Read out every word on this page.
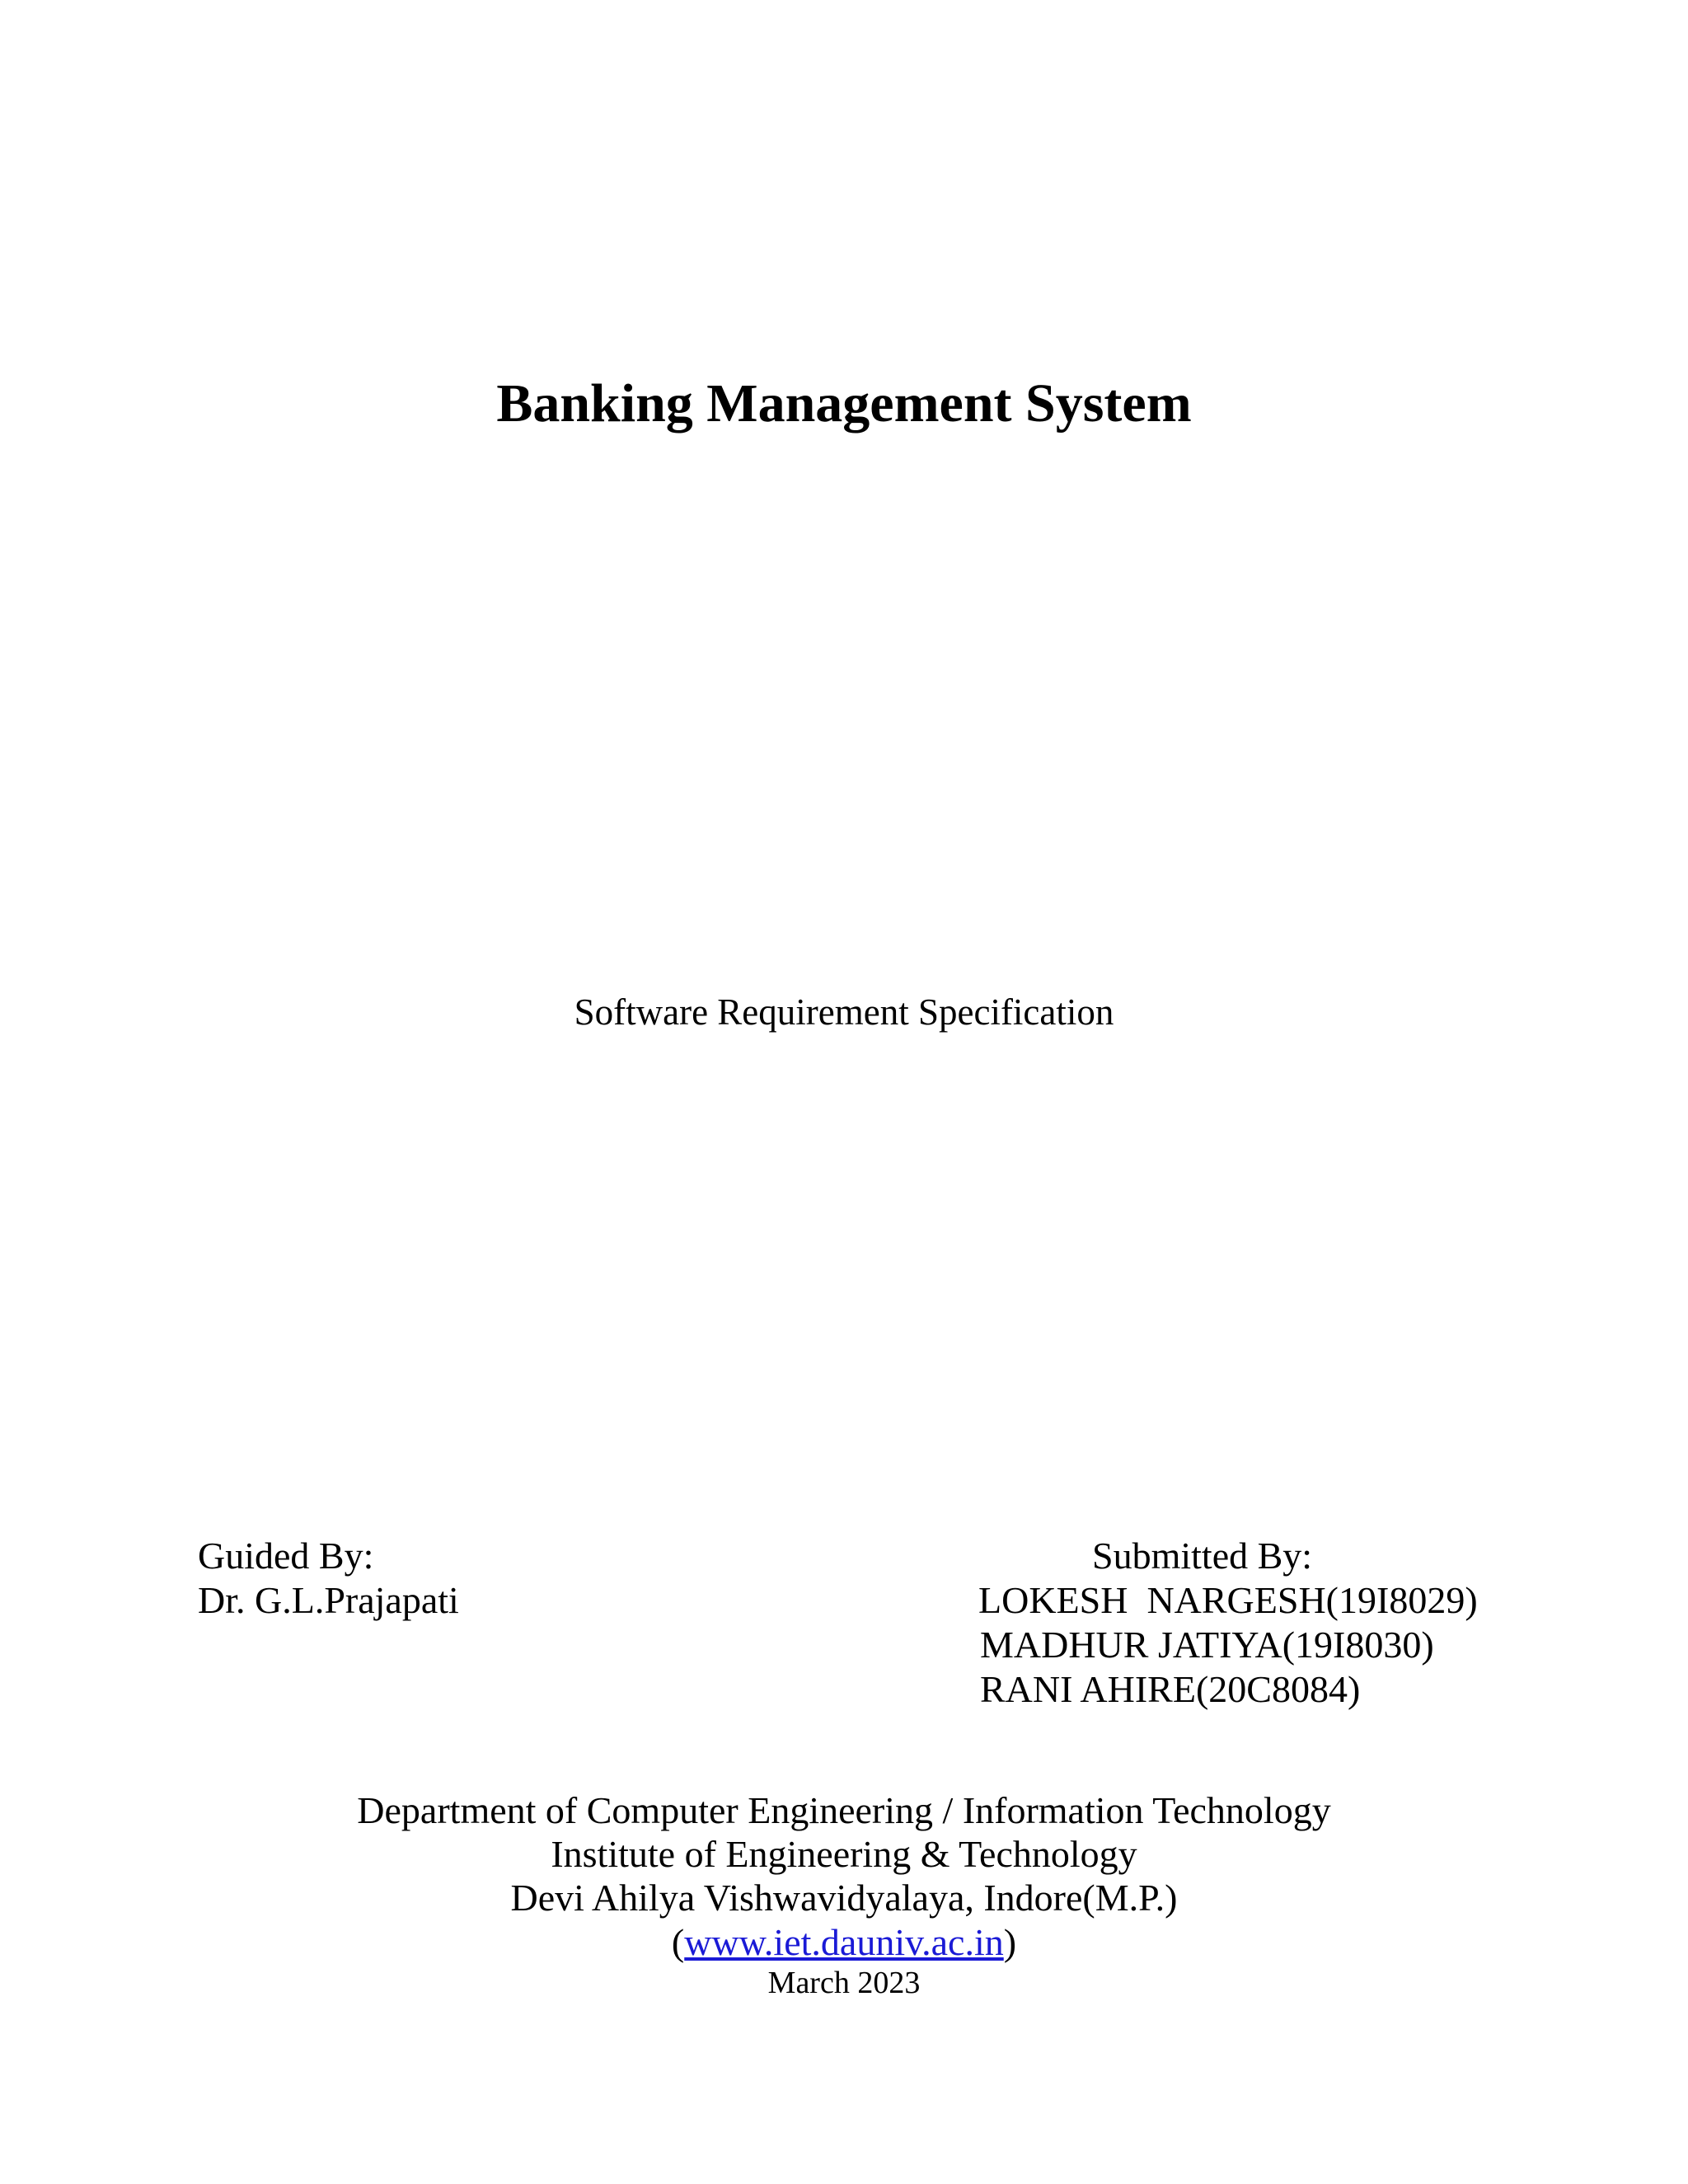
Banking Management System
Software Requirement Specification
Guided By:
Dr. G.L.Prajapati
Submitted By:
LOKESH  NARGESH(19I8029)
MADHUR JATIYA(19I8030)
RANI AHIRE(20C8084)
Department of Computer Engineering / Information Technology
Institute of Engineering & Technology
Devi Ahilya Vishwavidyalaya, Indore(M.P.)
(www.iet.dauniv.ac.in)
March 2023
